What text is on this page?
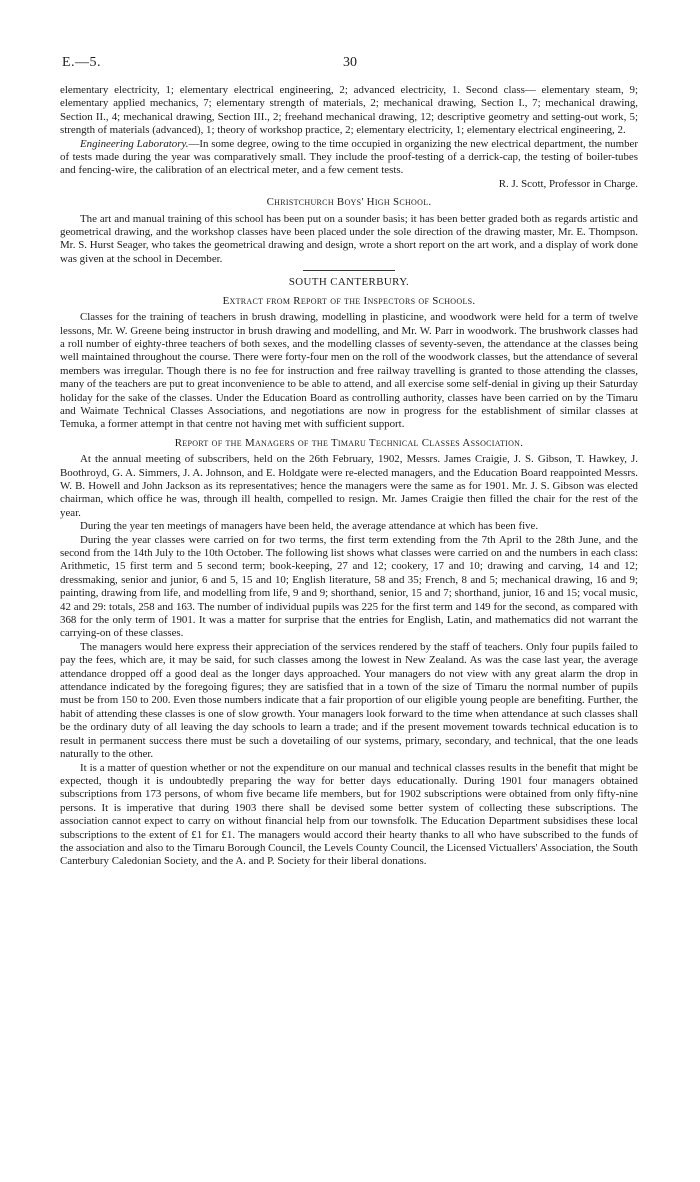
E.—5.	30

elementary electricity, 1; elementary electrical engineering, 2; advanced electricity, 1. Second class— elementary steam, 9; elementary applied mechanics, 7; elementary strength of materials, 2; mechanical drawing, Section I., 7; mechanical drawing, Section II., 4; mechanical drawing, Section III., 2; freehand mechanical drawing, 12; descriptive geometry and setting-out work, 5; strength of materials (advanced), 1; theory of workshop practice, 2; elementary electricity, 1; elementary electrical engineering, 2.

Engineering Laboratory.—In some degree, owing to the time occupied in organizing the new electrical department, the number of tests made during the year was comparatively small. They include the proof-testing of a derrick-cap, the testing of boiler-tubes and fencing-wire, the calibration of an electrical meter, and a few cement tests.

R. J. Scott, Professor in Charge.

Christchurch Boys' High School.

The art and manual training of this school has been put on a sounder basis; it has been better graded both as regards artistic and geometrical drawing, and the workshop classes have been placed under the sole direction of the drawing master, Mr. E. Thompson. Mr. S. Hurst Seager, who takes the geometrical drawing and design, wrote a short report on the art work, and a display of work done was given at the school in December.

SOUTH CANTERBURY.
Extract from Report of the Inspectors of Schools.

Classes for the training of teachers in brush drawing, modelling in plasticine, and woodwork were held for a term of twelve lessons, Mr. W. Greene being instructor in brush drawing and modelling, and Mr. W. Parr in woodwork. The brushwork classes had a roll number of eighty-three teachers of both sexes, and the modelling classes of seventy-seven, the attendance at the classes being well maintained throughout the course. There were forty-four men on the roll of the woodwork classes, but the attendance of several members was irregular. Though there is no fee for instruction and free railway travelling is granted to those attending the classes, many of the teachers are put to great inconvenience to be able to attend, and all exercise some self-denial in giving up their Saturday holiday for the sake of the classes. Under the Education Board as controlling authority, classes have been carried on by the Timaru and Waimate Technical Classes Associations, and negotiations are now in progress for the establishment of similar classes at Temuka, a former attempt in that centre not having met with sufficient support.

Report of the Managers of the Timaru Technical Classes Association.

At the annual meeting of subscribers, held on the 26th February, 1902, Messrs. James Craigie, J. S. Gibson, T. Hawkey, J. Boothroyd, G. A. Simmers, J. A. Johnson, and E. Holdgate were re-elected managers, and the Education Board reappointed Messrs. W. B. Howell and John Jackson as its representatives; hence the managers were the same as for 1901. Mr. J. S. Gibson was elected chairman, which office he was, through ill health, compelled to resign. Mr. James Craigie then filled the chair for the rest of the year.

During the year ten meetings of managers have been held, the average attendance at which has been five.

During the year classes were carried on for two terms, the first term extending from the 7th April to the 28th June, and the second from the 14th July to the 10th October. The following list shows what classes were carried on and the numbers in each class: Arithmetic, 15 first term and 5 second term; book-keeping, 27 and 12; cookery, 17 and 10; drawing and carving, 14 and 12; dressmaking, senior and junior, 6 and 5, 15 and 10; English literature, 58 and 35; French, 8 and 5; mechanical drawing, 16 and 9; painting, drawing from life, and modelling from life, 9 and 9; shorthand, senior, 15 and 7; shorthand, junior, 16 and 15; vocal music, 42 and 29: totals, 258 and 163. The number of individual pupils was 225 for the first term and 149 for the second, as compared with 368 for the only term of 1901. It was a matter for surprise that the entries for English, Latin, and mathematics did not warrant the carrying-on of these classes.

The managers would here express their appreciation of the services rendered by the staff of teachers. Only four pupils failed to pay the fees, which are, it may be said, for such classes among the lowest in New Zealand. As was the case last year, the average attendance dropped off a good deal as the longer days approached. Your managers do not view with any great alarm the drop in attendance indicated by the foregoing figures; they are satisfied that in a town of the size of Timaru the normal number of pupils must be from 150 to 200. Even those numbers indicate that a fair proportion of our eligible young people are benefiting. Further, the habit of attending these classes is one of slow growth. Your managers look forward to the time when attendance at such classes shall be the ordinary duty of all leaving the day schools to learn a trade; and if the present movement towards technical education is to result in permanent success there must be such a dovetailing of our systems, primary, secondary, and technical, that the one leads naturally to the other.

It is a matter of question whether or not the expenditure on our manual and technical classes results in the benefit that might be expected, though it is undoubtedly preparing the way for better days educationally. During 1901 four managers obtained subscriptions from 173 persons, of whom five became life members, but for 1902 subscriptions were obtained from only fifty-nine persons. It is imperative that during 1903 there shall be devised some better system of collecting these subscriptions. The association cannot expect to carry on without financial help from our townsfolk. The Education Department subsidises these local subscriptions to the extent of £1 for £1. The managers would accord their hearty thanks to all who have subscribed to the funds of the association and also to the Timaru Borough Council, the Levels County Council, the Licensed Victuallers' Association, the South Canterbury Caledonian Society, and the A. and P. Society for their liberal donations.
